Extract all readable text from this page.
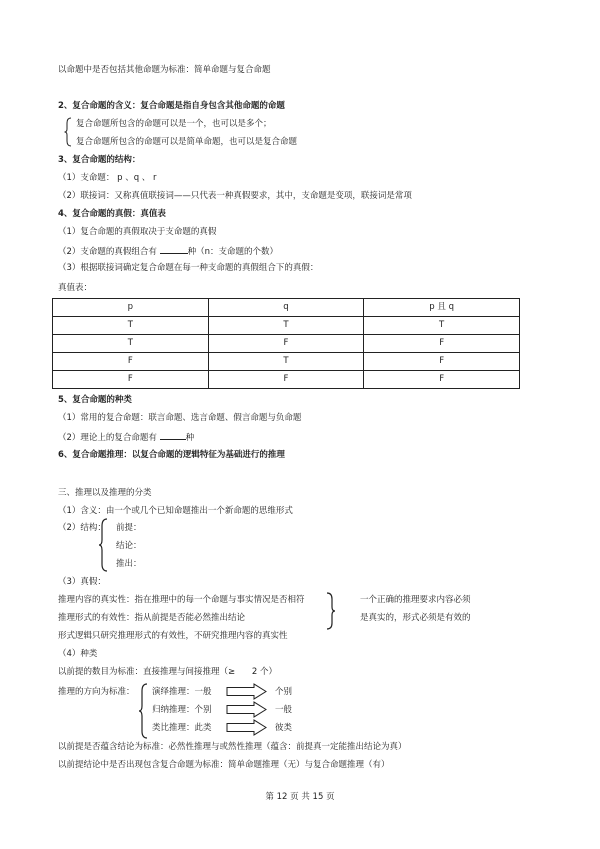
以命题中是否包括其他命题为标准：简单命题与复合命题
2、复合命题的含义：复合命题是指自身包含其他命题的命题
复合命题所包含的命题可以是一个，也可以是多个；
复合命题所包含的命题可以是简单命题，也可以是复合命题
3、复合命题的结构：
（1）支命题： p 、q 、 r
（2）联接词：又称真值联接词——只代表一种真假要求，其中，支命题是变项，联接词是常项
4、复合命题的真假：真值表
（1）复合命题的真假取决于支命题的真假
（2）支命题的真假组合有	种（n：支命题的个数）
（3）根据联接词确定复合命题在每一种支命题的真假组合下的真假：
真值表：
p	q	p 且 q
T	T	T
T	F	F
F	T	F
F	F	F
5、复合命题的种类
（1）常用的复合命题：联言命题、选言命题、假言命题与负命题
（2）理论上的复合命题有	种
6、复合命题推理：以复合命题的逻辑特征为基础进行的推理
三、推理以及推理的分类
（1）含义：由一个或几个已知命题推出一个新命题的思维形式
（2）结构： 前提：
结论：
推出：
（3）真假：
推理内容的真实性：指在推理中的每一个命题与事实情况是否相符	一个正确的推理要求内容必须
推理形式的有效性：指从前提是否能必然推出结论	是真实的，形式必须是有效的
形式逻辑只研究推理形式的有效性，不研究推理内容的真实性
（4）种类
以前提的数目为标准：直接推理与间接推理（≥ 2 个）
推理的方向为标准： 演绎推理：一般	个别
归纳推理：个别	一般
类比推理：此类	彼类
以前提是否蕴含结论为标准：必然性推理与或然性推理（蕴含：前提真一定能推出结论为真）
以前提结论中是否出现包含复合命题为标准：简单命题推理（无）与复合命题推理（有）
第 12 页 共 15 页
